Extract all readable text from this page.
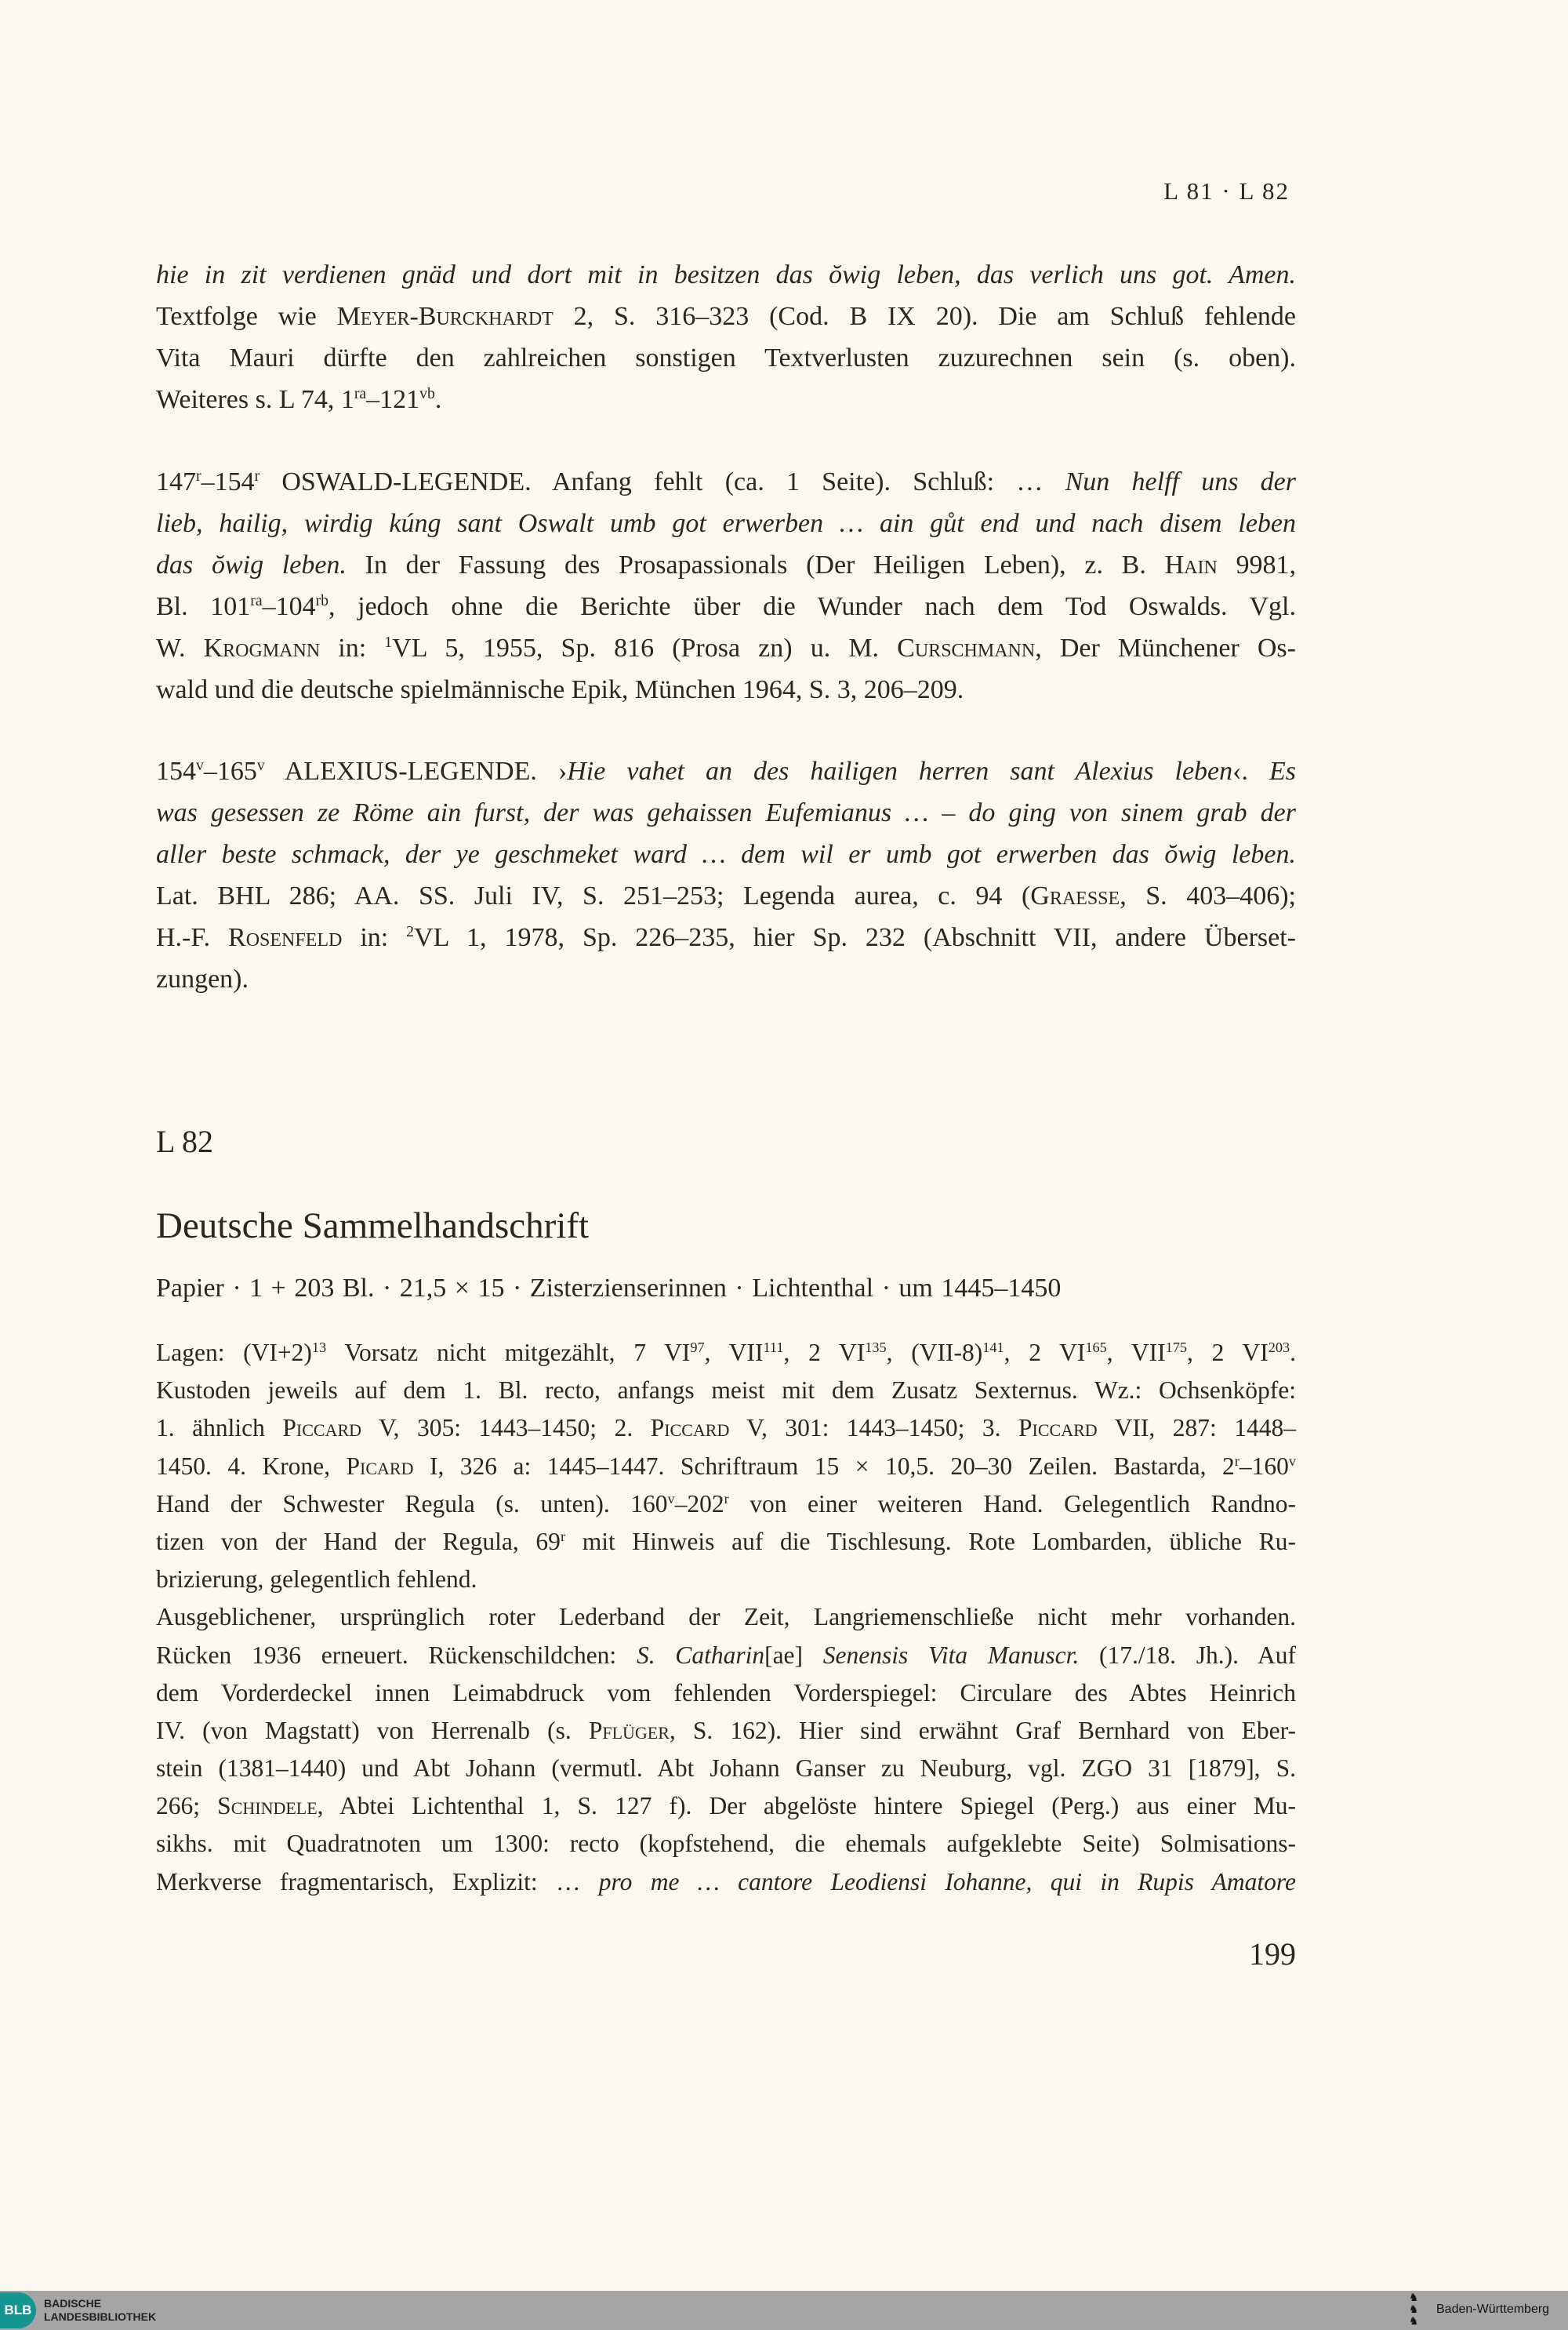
L 81 · L 82
hie in zit verdienen gnäd und dort mit in besitzen das ŏwig leben, das verlich uns got. Amen.
Textfolge wie Meyer-Burckhardt 2, S. 316–323 (Cod. B IX 20). Die am Schluß fehlende
Vita Mauri dürfte den zahlreichen sonstigen Textverlusten zuzurechnen sein (s. oben).
Weiteres s. L 74, $1^{ra}-121^{vb}$.
147$^r$–154$^r$ OSWALD-LEGENDE. Anfang fehlt (ca. 1 Seite). Schluß: … Nun helff uns der
lieb, hailig, wirdig kúng sant Oswalt umb got erwerben … ain gůt end und nach disem leben
das ŏwig leben. In der Fassung des Prosapassionals (Der Heiligen Leben), z. B. Hain 9981,
Bl. $101^{ra}-104^{rb}$, jedoch ohne die Berichte über die Wunder nach dem Tod Oswalds. Vgl.
W. Krogmann in: $^1$VL 5, 1955, Sp. 816 (Prosa zn) u. M. Curschmann, Der Münchener Os-
wald und die deutsche spielmännische Epik, München 1964, S. 3, 206–209.
154$^v$–165$^v$ ALEXIUS-LEGENDE. ›Hie vahet an des hailigen herren sant Alexius leben‹. Es
was gesessen ze Röme ain furst, der was gehaissen Eufemianus … – do ging von sinem grab der
aller beste schmack, der ye geschmeket ward … dem wil er umb got erwerben das ŏwig leben.
Lat. BHL 286; AA. SS. Juli IV, S. 251–253; Legenda aurea, c. 94 (Graesse, S. 403–406);
H.-F. Rosenfeld in: $^2$VL 1, 1978, Sp. 226–235, hier Sp. 232 (Abschnitt VII, andere Überset-
zungen).
L 82
Deutsche Sammelhandschrift
Papier · 1 + 203 Bl. · 21,5 × 15 · Zisterzienserinnen · Lichtenthal · um 1445–1450
Lagen: $(VI+2)^{13}$ Vorsatz nicht mitgezählt, 7 VI$^{97}$, VII$^{111}$, 2 VI$^{135}$, $(VII-8)^{141}$, 2 VI$^{165}$, VII$^{175}$, 2 VI$^{203}$.
Kustoden jeweils auf dem 1. Bl. recto, anfangs meist mit dem Zusatz Sexternus. Wz.: Ochsenköpfe:
1. ähnlich Piccard V, 305: 1443–1450; 2. Piccard V, 301: 1443–1450; 3. Piccard VII, 287: 1448–
1450. 4. Krone, Picard I, 326 a: 1445–1447. Schriftraum 15 × 10,5. 20–30 Zeilen. Bastarda, 2$^r$–160$^v$
Hand der Schwester Regula (s. unten). 160$^v$–202$^r$ von einer weiteren Hand. Gelegentlich Randno-
tizen von der Hand der Regula, 69$^r$ mit Hinweis auf die Tischlesung. Rote Lombarden, übliche Ru-
brizierung, gelegentlich fehlend.
Ausgeblichener, ursprünglich roter Lederband der Zeit, Langriemenschließe nicht mehr vorhanden.
Rücken 1936 erneuert. Rückenschildchen: S. Catharin[ae] Senensis Vita Manuscr. (17./18. Jh.). Auf
dem Vorderdeckel innen Leimabdruck vom fehlenden Vorderspiegel: Circulare des Abtes Heinrich
IV. (von Magstatt) von Herrenalb (s. Pflüger, S. 162). Hier sind erwähnt Graf Bernhard von Eber-
stein (1381–1440) und Abt Johann (vermutl. Abt Johann Ganser zu Neuburg, vgl. ZGO 31 [1879], S.
266; Schindele, Abtei Lichtenthal 1, S. 127 f). Der abgelöste hintere Spiegel (Perg.) aus einer Mu-
sikhs. mit Quadratnoten um 1300: recto (kopfstehend, die ehemals aufgeklebte Seite) Solmisations-
Merkverse fragmentarisch, Explizit: … pro me … cantore Leodiensi Iohanne, qui in Rupis Amatore
199
BLB	BADISCHE
LANDESBIBLIOTHEK
♞
♞
♞
Baden-Württemberg
